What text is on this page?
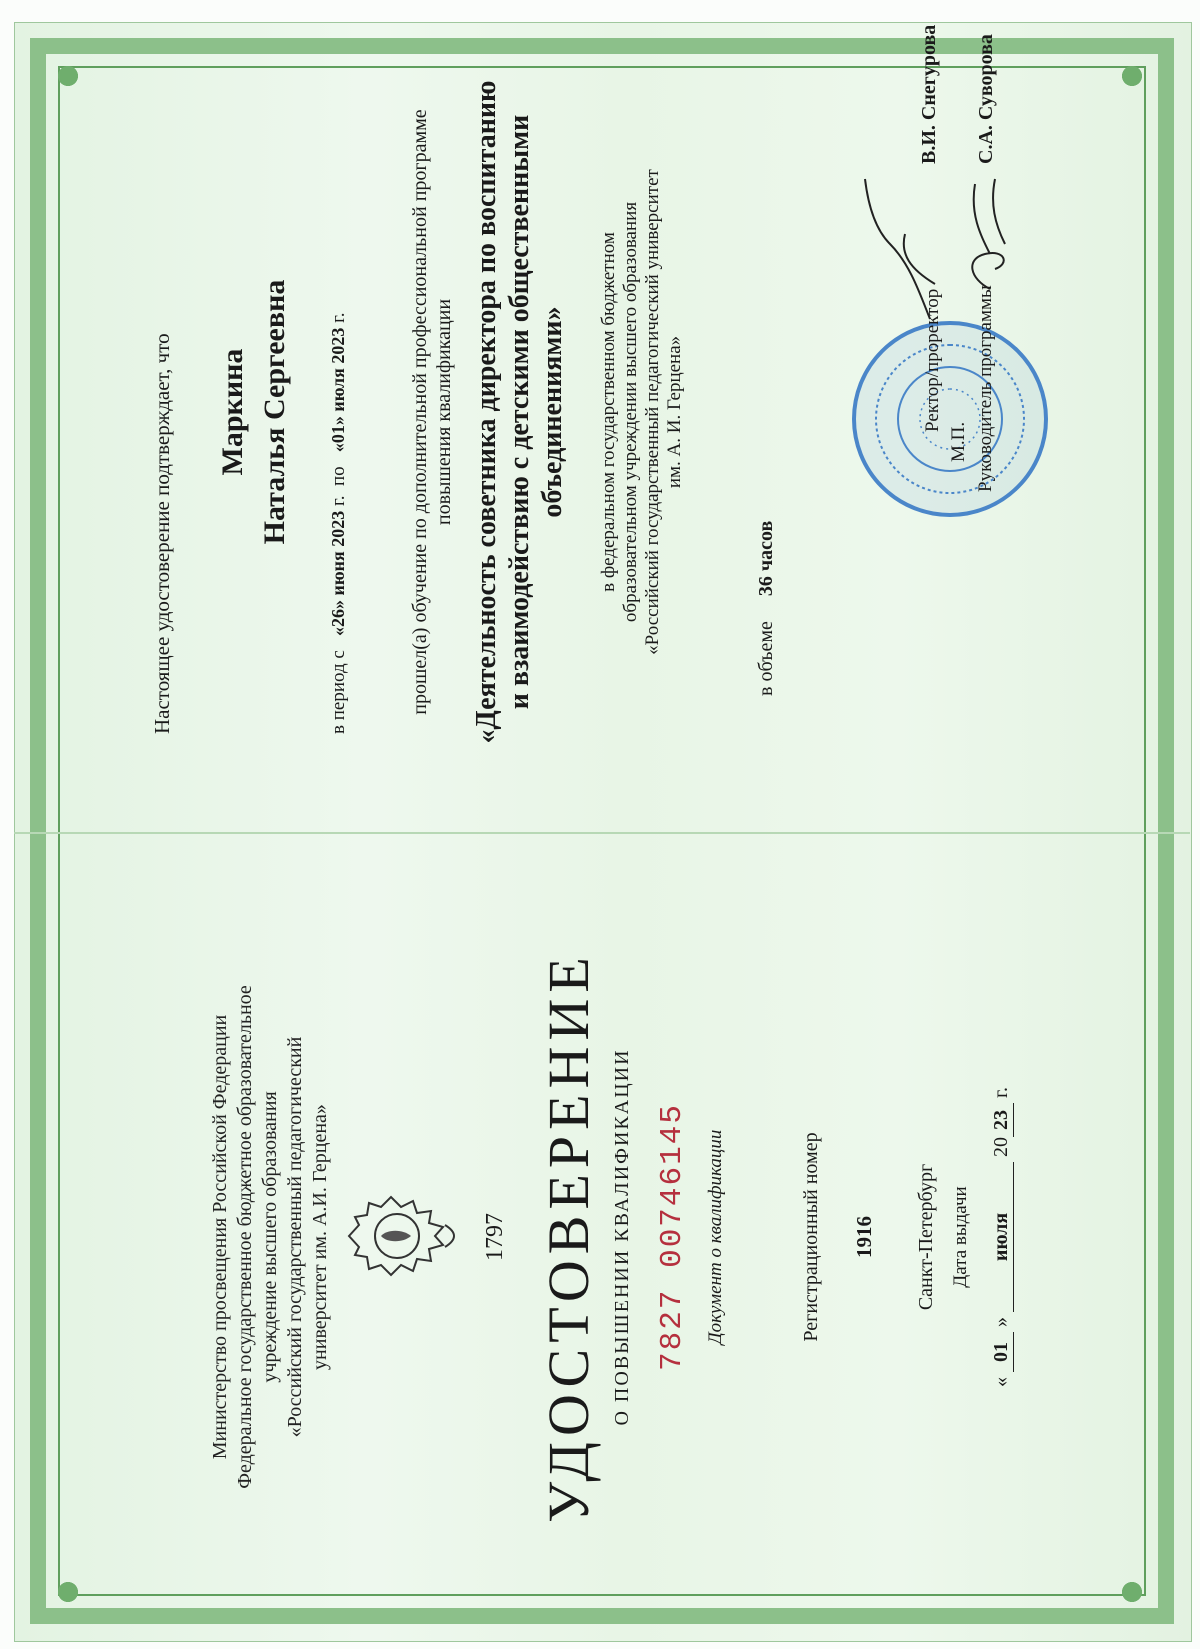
Министерство просвещения Российской Федерации Федеральное государственное бюджетное образовательное учреждение высшего образования «Российский государственный педагогический университет им. А.И. Герцена»	1797 УДОСТОВЕРЕНИЕ О ПОВЫШЕНИИ КВАЛИФИКАЦИИ 7827 00746145 Документ о квалификации	Регистрационный номер 1916 Санкт-Петербург Дата выдачи
« 01 » июля 2023 г.
Настоящее удостоверение подтверждает, что Маркина Наталья Сергеевна
в период с   «26» июня 2023 г.  по   «01» июля 2023 г.	прошел(а) обучение по дополнительной профессиональной программе повышения квалификации «Деятельность советника директора по воспитанию и взаимодействию с детскими общественными объединениями» в федеральном государственном бюджетном образовательном учреждении высшего образования «Российский государственный педагогический университет им. А. И. Герцена»
в объеме     36 часов
М.П.
Ректор/проректор
В.И. Снегурова
Руководитель программы
С.А. Суворова
